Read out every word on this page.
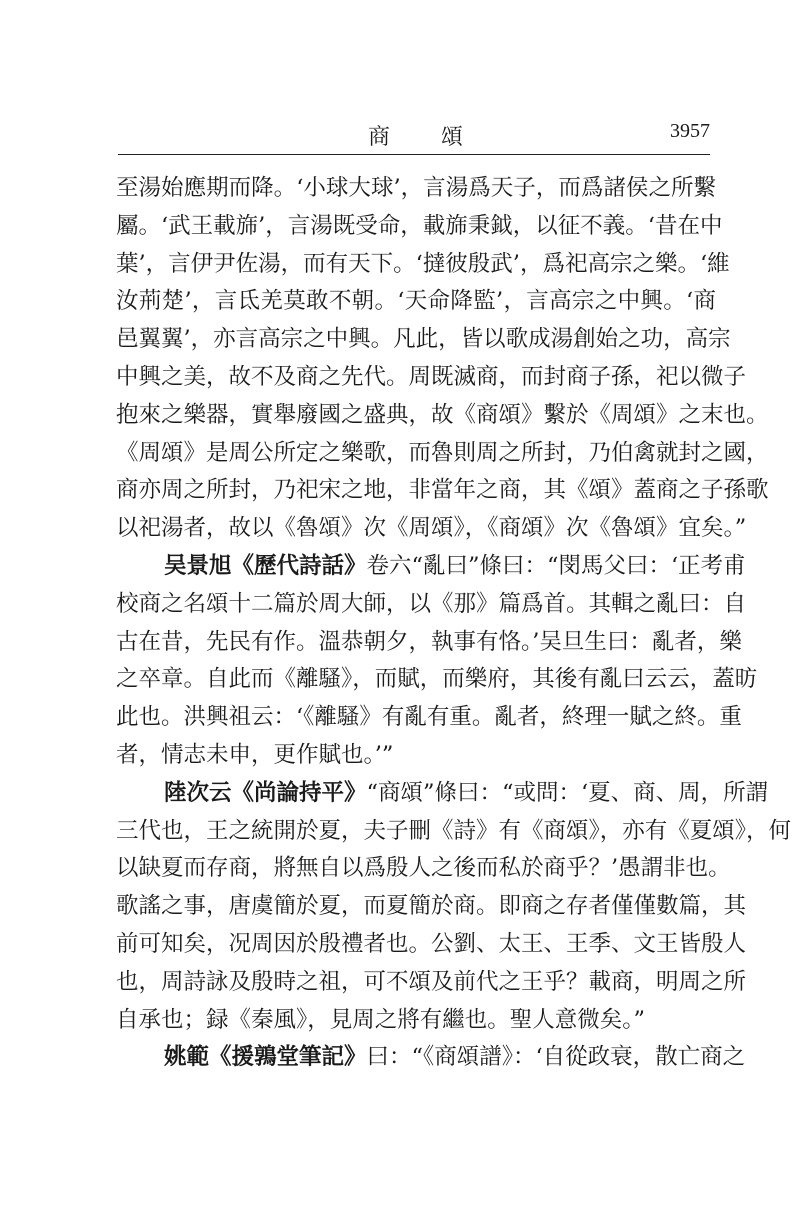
商 頌	3957
至湯始應期而降。‘小球大球’，言湯爲天子，而爲諸侯之所繫
屬。‘武王載旆’，言湯既受命，載旆秉鉞，以征不義。‘昔在中
葉’，言伊尹佐湯，而有天下。‘撻彼殷武’，爲祀高宗之樂。‘維
汝荊楚’，言氐羌莫敢不朝。‘天命降監’，言高宗之中興。‘商
邑翼翼’，亦言高宗之中興。凡此，皆以歌成湯創始之功，高宗
中興之美，故不及商之先代。周既滅商，而封商子孫，祀以微子
抱來之樂器，實舉廢國之盛典，故《商頌》繫於《周頌》之末也。
《周頌》是周公所定之樂歌，而魯則周之所封，乃伯禽就封之國，
商亦周之所封，乃祀宋之地，非當年之商，其《頌》蓋商之子孫歌
以祀湯者，故以《魯頌》次《周頌》，《商頌》次《魯頌》宜矣。”
吴景旭《歷代詩話》卷六“亂曰”條曰：“閔馬父曰：‘正考甫
校商之名頌十二篇於周大師，以《那》篇爲首。其輯之亂曰：自
古在昔，先民有作。溫恭朝夕，執事有恪。’吴旦生曰：亂者，樂
之卒章。自此而《離騷》，而賦，而樂府，其後有亂曰云云，蓋昉
此也。洪興祖云：‘《離騷》有亂有重。亂者，終理一賦之終。重
者，情志未申，更作賦也。’”
陸次云《尚論持平》“商頌”條曰：“或問：‘夏、商、周，所謂
三代也，王之統開於夏，夫子刪《詩》有《商頌》，亦有《夏頌》，何
以缺夏而存商，將無自以爲殷人之後而私於商乎？’愚謂非也。
歌謠之事，唐虞簡於夏，而夏簡於商。即商之存者僅僅數篇，其
前可知矣，况周因於殷禮者也。公劉、太王、王季、文王皆殷人
也，周詩詠及殷時之祖，可不頌及前代之王乎？載商，明周之所
自承也；録《秦風》，見周之將有繼也。聖人意微矣。”
姚範《援鶉堂筆記》曰：“《商頌譜》：‘自從政衰，散亡商之
